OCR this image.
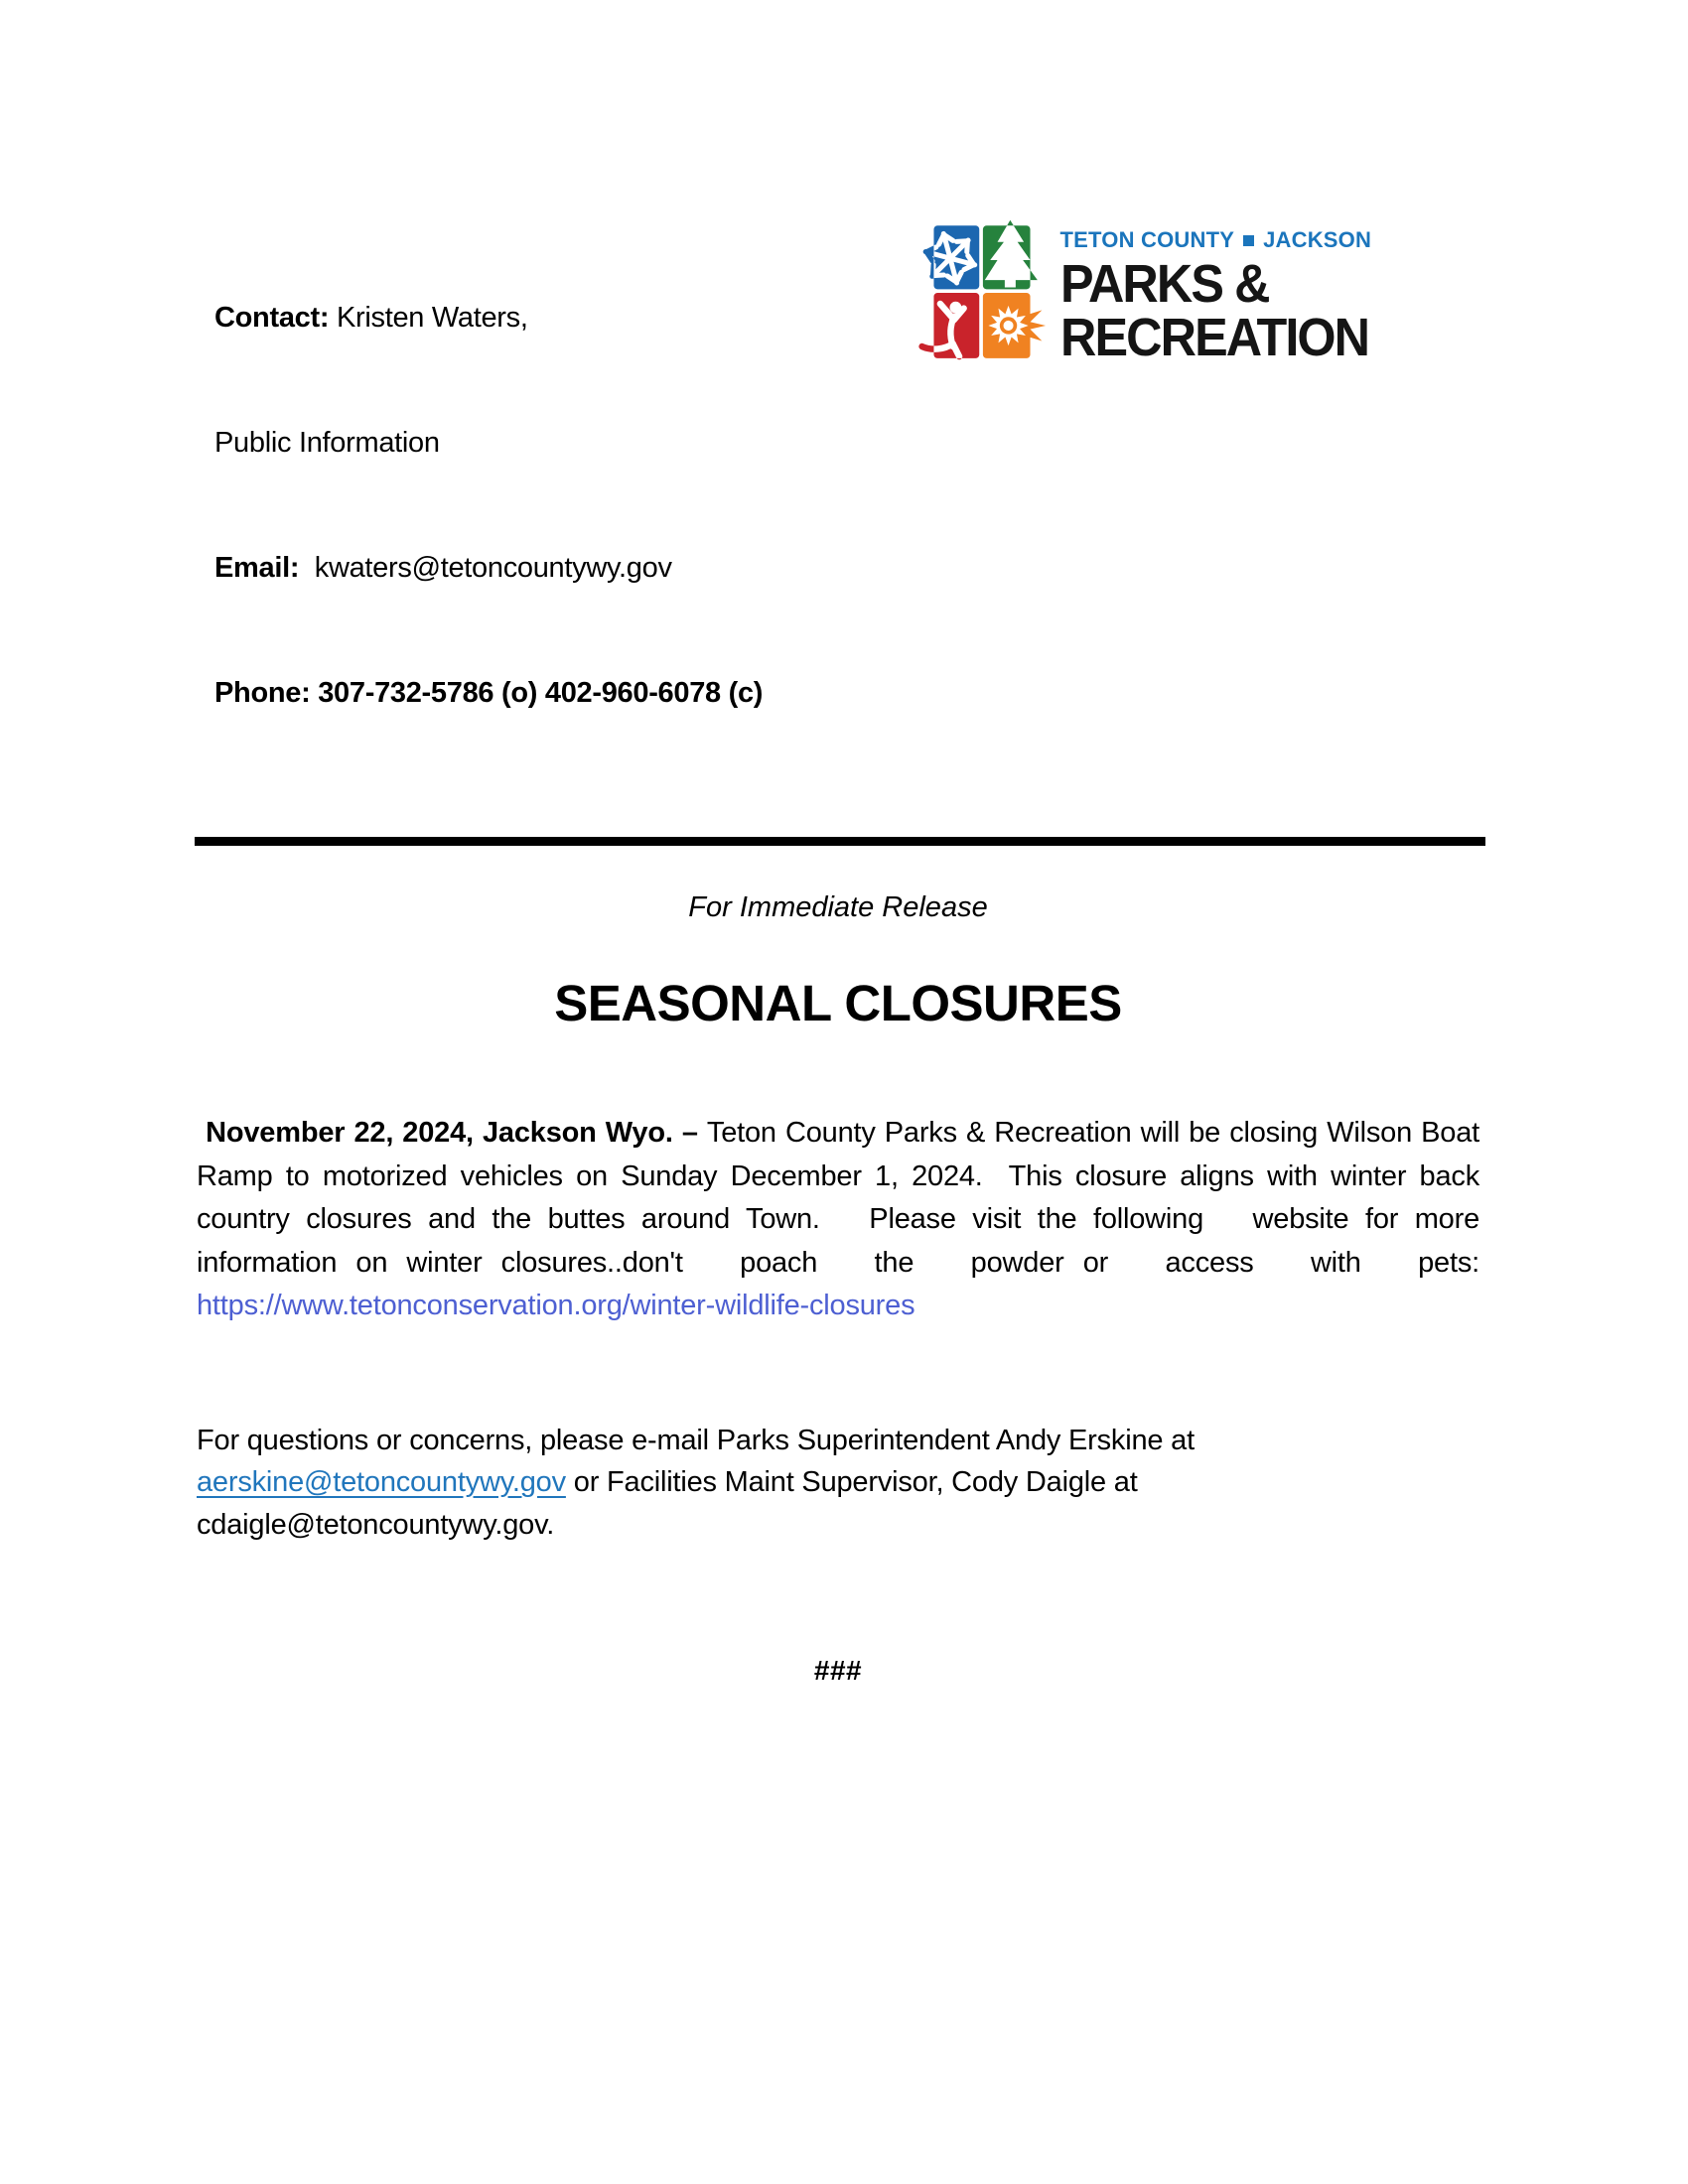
Contact: Kristen Waters,

Public Information

Email:  kwaters@tetoncountywy.gov

Phone: 307-732-5786 (o) 402-960-6078 (c)

TETON COUNTY JACKSON
PARKS &
RECREATION
For Immediate Release
SEASONAL CLOSURES
November 22, 2024, Jackson Wyo. – Teton County Parks & Recreation will be closing Wilson Boat Ramp to motorized vehicles on Sunday December 1, 2024.  This closure aligns with winter back country closures and the buttes around Town.   Please visit the following   website for more information on winter closures..don't   poach   the   powder or   access   with   pets:   https://www.tetonconservation.org/winter-wildlife-closures
For questions or concerns, please e-mail Parks Superintendent Andy Erskine at aerskine@tetoncountywy.gov or Facilities Maint Supervisor, Cody Daigle at cdaigle@tetoncountywy.gov.
###
